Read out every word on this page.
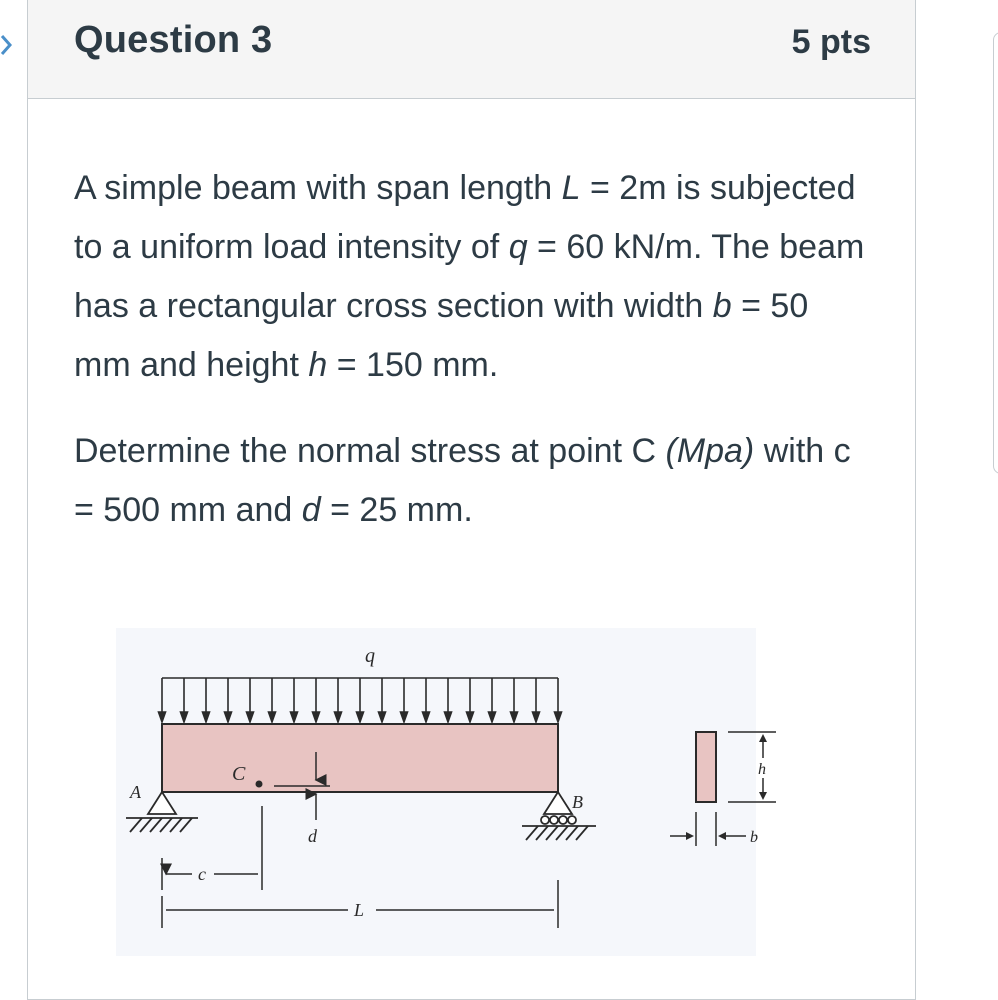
Question 3	5 pts

A simple beam with span length L = 2m is subjected to a uniform load intensity of q = 60 kN/m. The beam has a rectangular cross section with width b = 50 mm and height h = 150 mm.

Determine the normal stress at point C (Mpa) with c = 500 mm and d = 25 mm.

q
C
d
A	B
c
L
h
b
